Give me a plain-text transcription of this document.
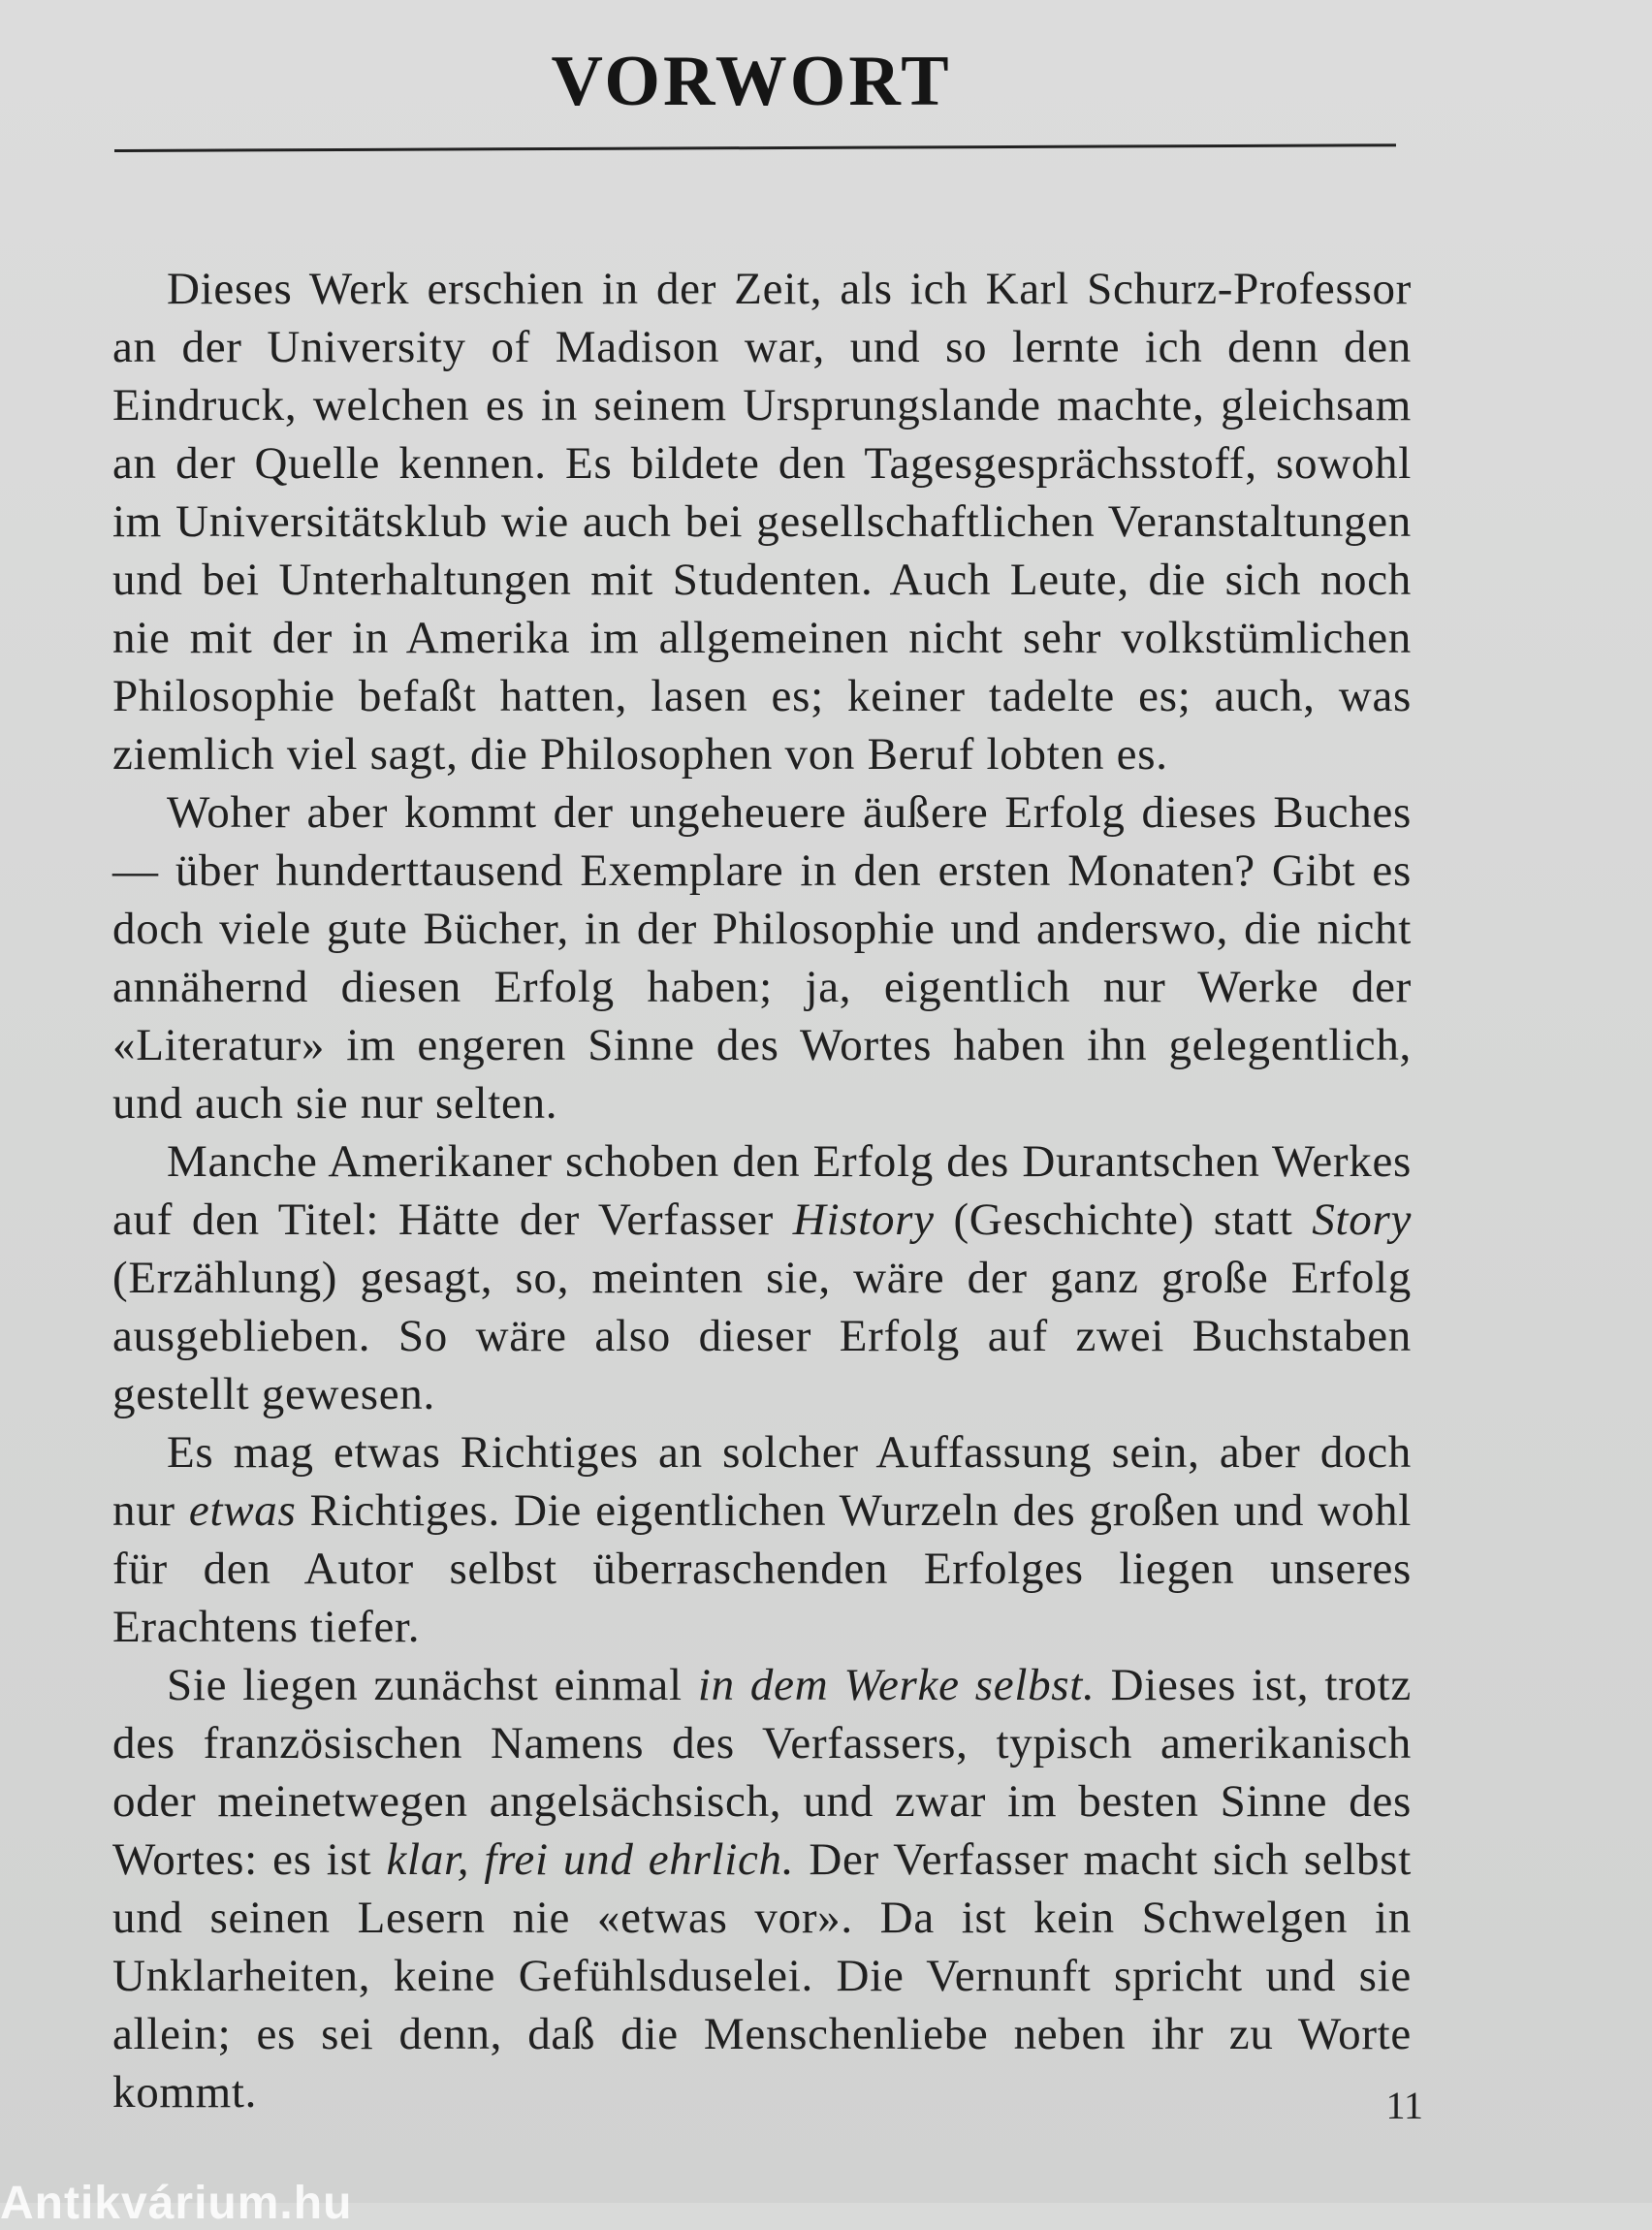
VORWORT

Dieses Werk erschien in der Zeit, als ich Karl Schurz-Professor an der University of Madison war, und so lernte ich denn den Eindruck, welchen es in seinem Ursprungslande machte, gleichsam an der Quelle kennen. Es bildete den Tagesgesprächsstoff, sowohl im Universitätsklub wie auch bei gesellschaftlichen Veranstaltungen und bei Unterhaltungen mit Studenten. Auch Leute, die sich noch nie mit der in Amerika im allgemeinen nicht sehr volkstümlichen Philosophie befaßt hatten, lasen es; keiner tadelte es; auch, was ziemlich viel sagt, die Philosophen von Beruf lobten es.

Woher aber kommt der ungeheuere äußere Erfolg dieses Buches — über hunderttausend Exemplare in den ersten Monaten? Gibt es doch viele gute Bücher, in der Philosophie und anderswo, die nicht annähernd diesen Erfolg haben; ja, eigentlich nur Werke der «Literatur» im engeren Sinne des Wortes haben ihn gelegentlich, und auch sie nur selten.

Manche Amerikaner schoben den Erfolg des Durantschen Werkes auf den Titel: Hätte der Verfasser History (Geschichte) statt Story (Erzählung) gesagt, so, meinten sie, wäre der ganz große Erfolg ausgeblieben. So wäre also dieser Erfolg auf zwei Buchstaben gestellt gewesen.

Es mag etwas Richtiges an solcher Auffassung sein, aber doch nur etwas Richtiges. Die eigentlichen Wurzeln des großen und wohl für den Autor selbst überraschenden Erfolges liegen unseres Erachtens tiefer.

Sie liegen zunächst einmal in dem Werke selbst. Dieses ist, trotz des französischen Namens des Verfassers, typisch amerikanisch oder meinetwegen angelsächsisch, und zwar im besten Sinne des Wortes: es ist klar, frei und ehrlich. Der Verfasser macht sich selbst und seinen Lesern nie «etwas vor». Da ist kein Schwelgen in Unklarheiten, keine Gefühlsduselei. Die Vernunft spricht und sie allein; es sei denn, daß die Menschenliebe neben ihr zu Worte kommt.	11
Antikvárium.hu
